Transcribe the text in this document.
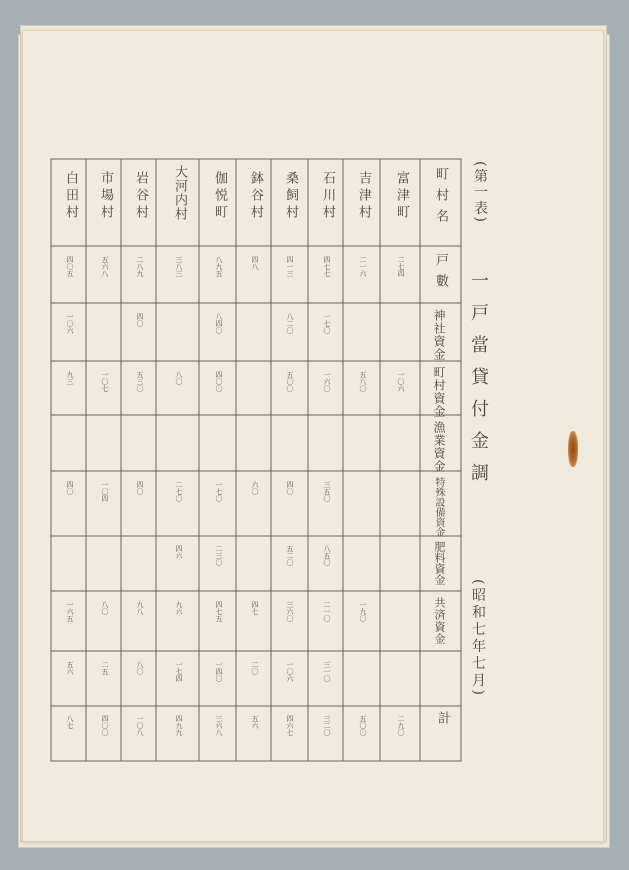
(第一表)
一戸當貸付金調
(昭和七年七月)
町村名
戸數
神社資金
町村資金
漁業資金
特殊設備資金
肥料資金
共済資金
計
富津町
吉津村
石川村
桑飼村
鉢谷村
伽悦町
大河内村
岩谷村
市場村
白田村
二七四
一〇六
二九〇
二一六
五八〇
一九〇
五〇〇
四七七
一七〇
一六〇
三五〇
八五〇
二一〇
三一〇
三二〇
四一三
八二〇
五〇〇
四〇
五二〇
三六〇
一〇六
四六七
四八
六〇
四七
二〇
五六
八九五
八四〇
四〇〇
一七〇
二三〇
四七五
一四〇
三六八
三八三
八〇
二七〇
四六
九六
一七四
四九九
二八九
四〇
五三〇
四〇
九八
八〇
一〇八
五六八
一〇七
一〇四
八〇
二五
四〇〇
四〇五
一〇六
九三
四〇
一六五
五六
八七
